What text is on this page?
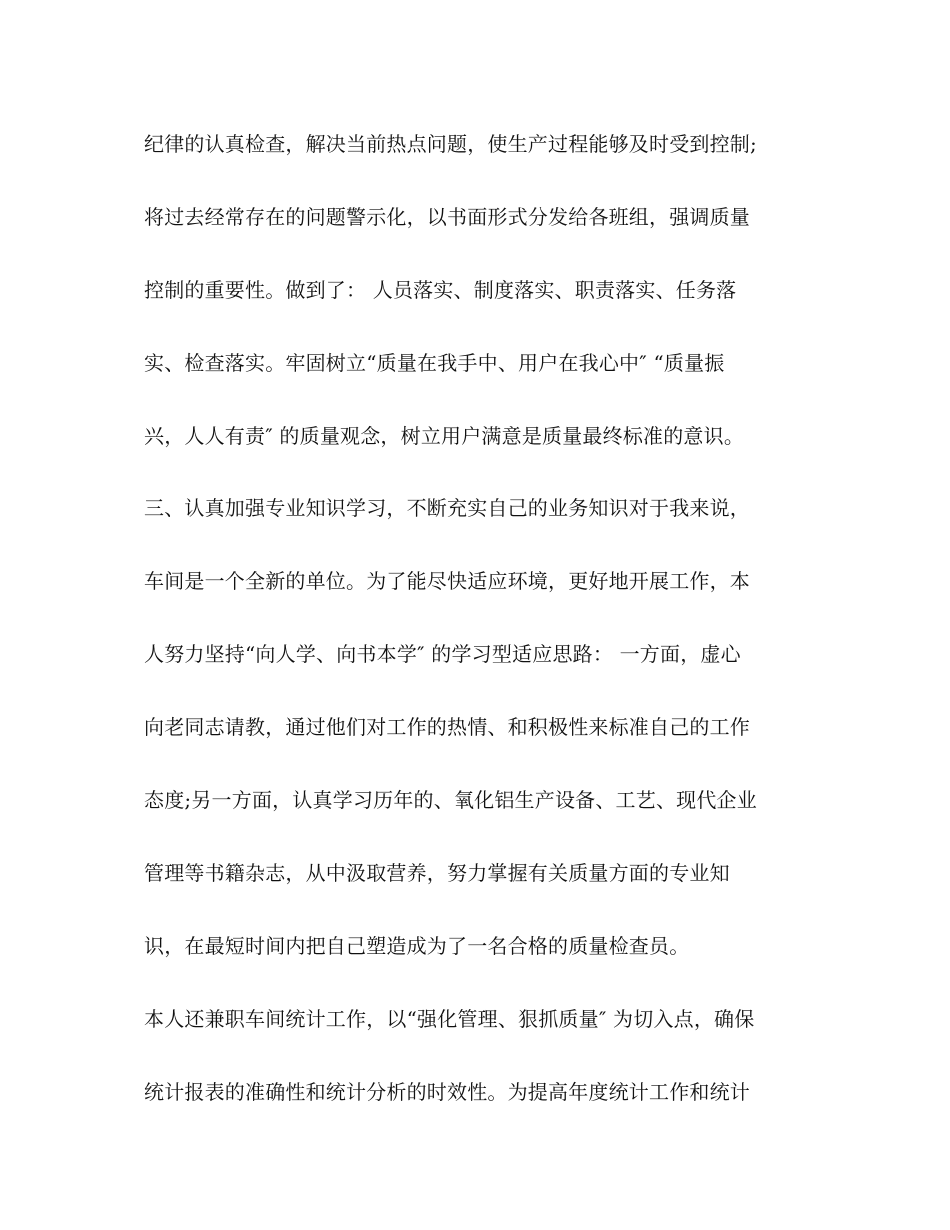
纪律的认真检查，解决当前热点问题，使生产过程能够及时受到控制;
将过去经常存在的问题警示化，以书面形式分发给各班组，强调质量
控制的重要性。做到了： 人员落实、制度落实、职责落实、任务落
实、检查落实。牢固树立“质量在我手中、用户在我心中″ “质量振
兴，人人有责″ 的质量观念，树立用户满意是质量最终标准的意识。
三、认真加强专业知识学习，不断充实自己的业务知识对于我来说，
车间是一个全新的单位。为了能尽快适应环境，更好地开展工作，本
人努力坚持“向人学、向书本学″ 的学习型适应思路： 一方面，虚心
向老同志请教，通过他们对工作的热情、和积极性来标准自己的工作
态度;另一方面，认真学习历年的、氧化铝生产设备、工艺、现代企业
管理等书籍杂志，从中汲取营养，努力掌握有关质量方面的专业知
识，在最短时间内把自己塑造成为了一名合格的质量检查员。
本人还兼职车间统计工作，以“强化管理、狠抓质量″ 为切入点，确保
统计报表的准确性和统计分析的时效性。为提高年度统计工作和统计
